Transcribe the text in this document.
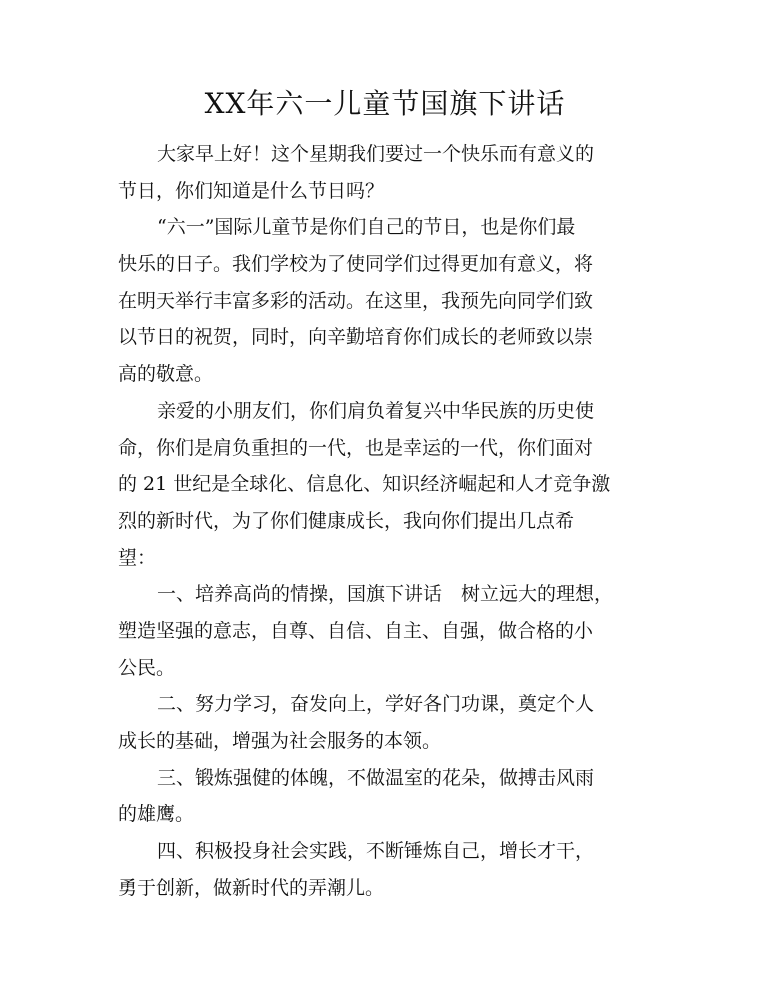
XX年六一儿童节国旗下讲话

大家早上好！这个星期我们要过一个快乐而有意义的

节日，你们知道是什么节日吗？

“六一”国际儿童节是你们自己的节日，也是你们最

快乐的日子。我们学校为了使同学们过得更加有意义，将

在明天举行丰富多彩的活动。在这里，我预先向同学们致

以节日的祝贺，同时，向辛勤培育你们成长的老师致以崇

高的敬意。

亲爱的小朋友们，你们肩负着复兴中华民族的历史使

命，你们是肩负重担的一代，也是幸运的一代，你们面对

的 21 世纪是全球化、信息化、知识经济崛起和人才竞争激

烈的新时代，为了你们健康成长，我向你们提出几点希

望：

一、培养高尚的情操，国旗下讲话　树立远大的理想，

塑造坚强的意志，自尊、自信、自主、自强，做合格的小

公民。

二、努力学习，奋发向上，学好各门功课，奠定个人

成长的基础，增强为社会服务的本领。

三、锻炼强健的体魄，不做温室的花朵，做搏击风雨

的雄鹰。

四、积极投身社会实践，不断锤炼自己，增长才干，

勇于创新，做新时代的弄潮儿。
